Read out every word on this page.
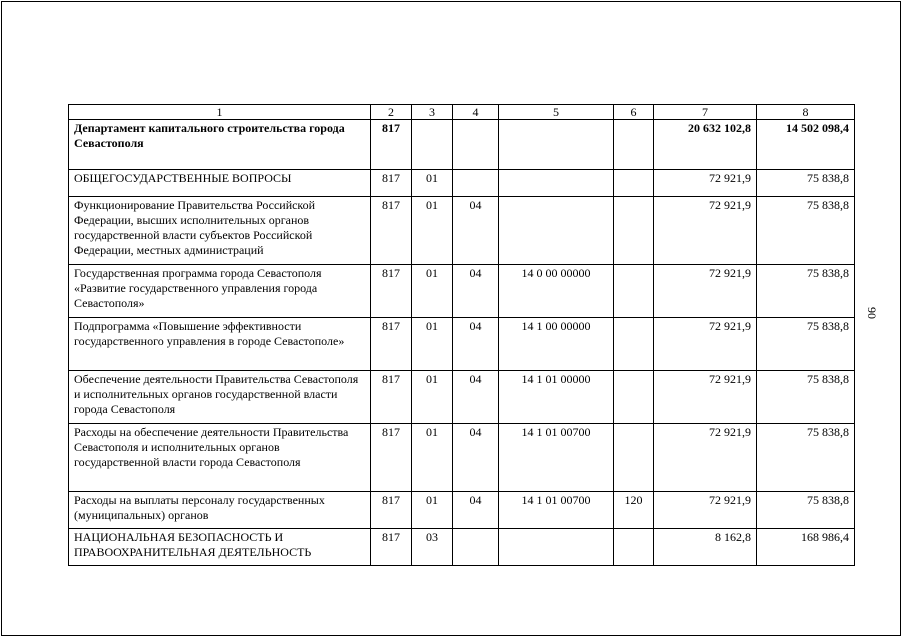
1	2	3	4	5	6	7	8
Департамент капитального строительства города Севастополя	817					20 632 102,8	14 502 098,4
ОБЩЕГОСУДАРСТВЕННЫЕ ВОПРОСЫ	817	01				72 921,9	75 838,8
Функционирование Правительства Российской Федерации, высших исполнительных органов государственной власти субъектов Российской Федерации, местных администраций	817	01	04			72 921,9	75 838,8
Государственная программа города Севастополя «Развитие государственного управления города Севастополя»	817	01	04	14 0 00 00000		72 921,9	75 838,8
Подпрограмма «Повышение эффективности государственного управления в городе Севастополе»	817	01	04	14 1 00 00000		72 921,9	75 838,8
Обеспечение деятельности Правительства Севастополя и исполнительных органов государственной власти города Севастополя	817	01	04	14 1 01 00000		72 921,9	75 838,8
Расходы на обеспечение деятельности Правительства Севастополя и исполнительных органов государственной власти города Севастополя	817	01	04	14 1 01 00700		72 921,9	75 838,8
Расходы на выплаты персоналу государственных (муниципальных) органов	817	01	04	14 1 01 00700	120	72 921,9	75 838,8
НАЦИОНАЛЬНАЯ БЕЗОПАСНОСТЬ И ПРАВООХРАНИТЕЛЬНАЯ ДЕЯТЕЛЬНОСТЬ	817	03				8 162,8	168 986,4
90
